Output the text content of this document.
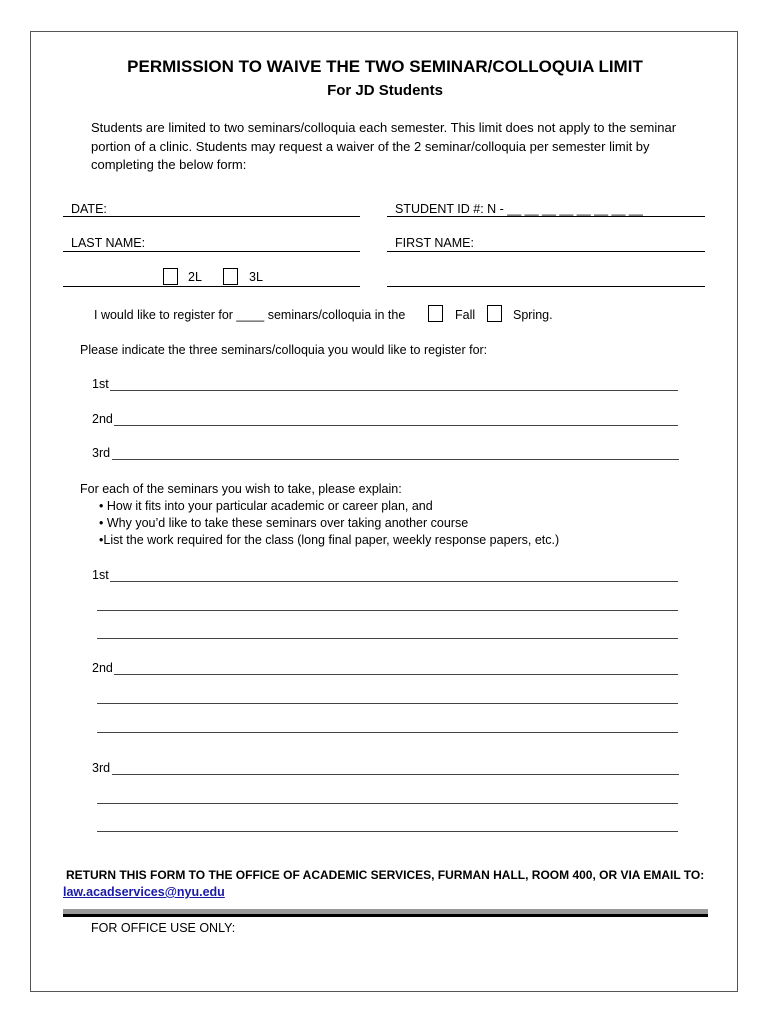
PERMISSION TO WAIVE THE TWO SEMINAR/COLLOQUIA LIMIT
For JD Students
Students are limited to two seminars/colloquia each semester. This limit does not apply to the seminar portion of a clinic. Students may request a waiver of the 2 seminar/colloquia per semester limit by completing the below form:
DATE:	STUDENT ID #: N - __ __ __ __ __ __ __ __
LAST NAME:	FIRST NAME:
2L	3L
I would like to register for ____ seminars/colloquia in the	Fall	Spring.
Please indicate the three seminars/colloquia you would like to register for:
1st
2nd
3rd
For each of the seminars you wish to take, please explain:
• How it fits into your particular academic or career plan, and
• Why you’d like to take these seminars over taking another course
•List the work required for the class (long final paper, weekly response papers, etc.)
1st
2nd
3rd
RETURN THIS FORM TO THE OFFICE OF ACADEMIC SERVICES, FURMAN HALL, ROOM 400, OR VIA EMAIL TO:
law.acadservices@nyu.edu
FOR OFFICE USE ONLY:
